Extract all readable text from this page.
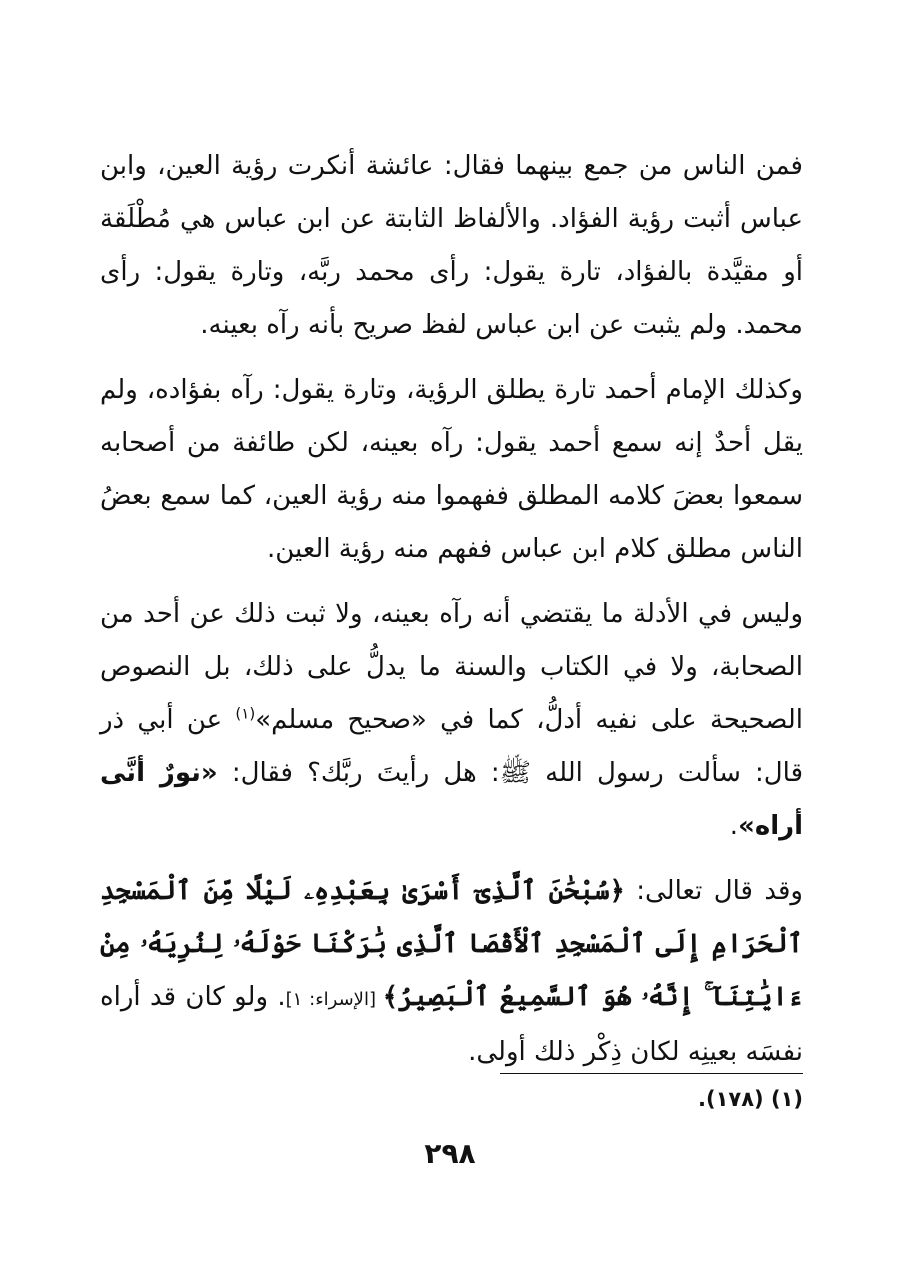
فمن الناس من جمع بينهما فقال: عائشة أنكرت رؤية العين، وابن عباس أثبت رؤية الفؤاد. والألفاظ الثابتة عن ابن عباس هي مُطْلَقة أو مقيَّدة بالفؤاد، تارة يقول: رأى محمد ربَّه، وتارة يقول: رأى محمد. ولم يثبت عن ابن عباس لفظ صريح بأنه رآه بعينه.

وكذلك الإمام أحمد تارة يطلق الرؤية، وتارة يقول: رآه بفؤاده، ولم يقل أحدٌ إنه سمع أحمد يقول: رآه بعينه، لكن طائفة من أصحابه سمعوا بعضَ كلامه المطلق ففهموا منه رؤية العين، كما سمع بعضُ الناس مطلق كلام ابن عباس ففهم منه رؤية العين.

وليس في الأدلة ما يقتضي أنه رآه بعينه، ولا ثبت ذلك عن أحد من الصحابة، ولا في الكتاب والسنة ما يدلُّ على ذلك، بل النصوص الصحيحة على نفيه أدلُّ، كما في «صحيح مسلم»$^{(١)}$ عن أبي ذر قال: سألت رسول الله ﷺ: هل رأيتَ ربَّك؟ فقال: «نورٌ أنَّى أراه».

وقد قال تعالى: ﴿سُبْحَٰنَ ٱلَّذِىٓ أَسْرَىٰ بِعَبْدِهِۦ لَيْلًا مِّنَ ٱلْمَسْجِدِ ٱلْحَرَامِ إِلَى ٱلْمَسْجِدِ ٱلْأَقْصَا ٱلَّذِى بَٰرَكْنَا حَوْلَهُۥ لِنُرِيَهُۥ مِنْ ءَايَٰتِنَآ ۚ إِنَّهُۥ هُوَ ٱلسَّمِيعُ ٱلْبَصِيرُ﴾ [الإسراء: ١]. ولو كان قد أراه نفسَه بعينِه لكان ذِكْر ذلك أولى.

(١) (١٧٨).

٢٩٨
